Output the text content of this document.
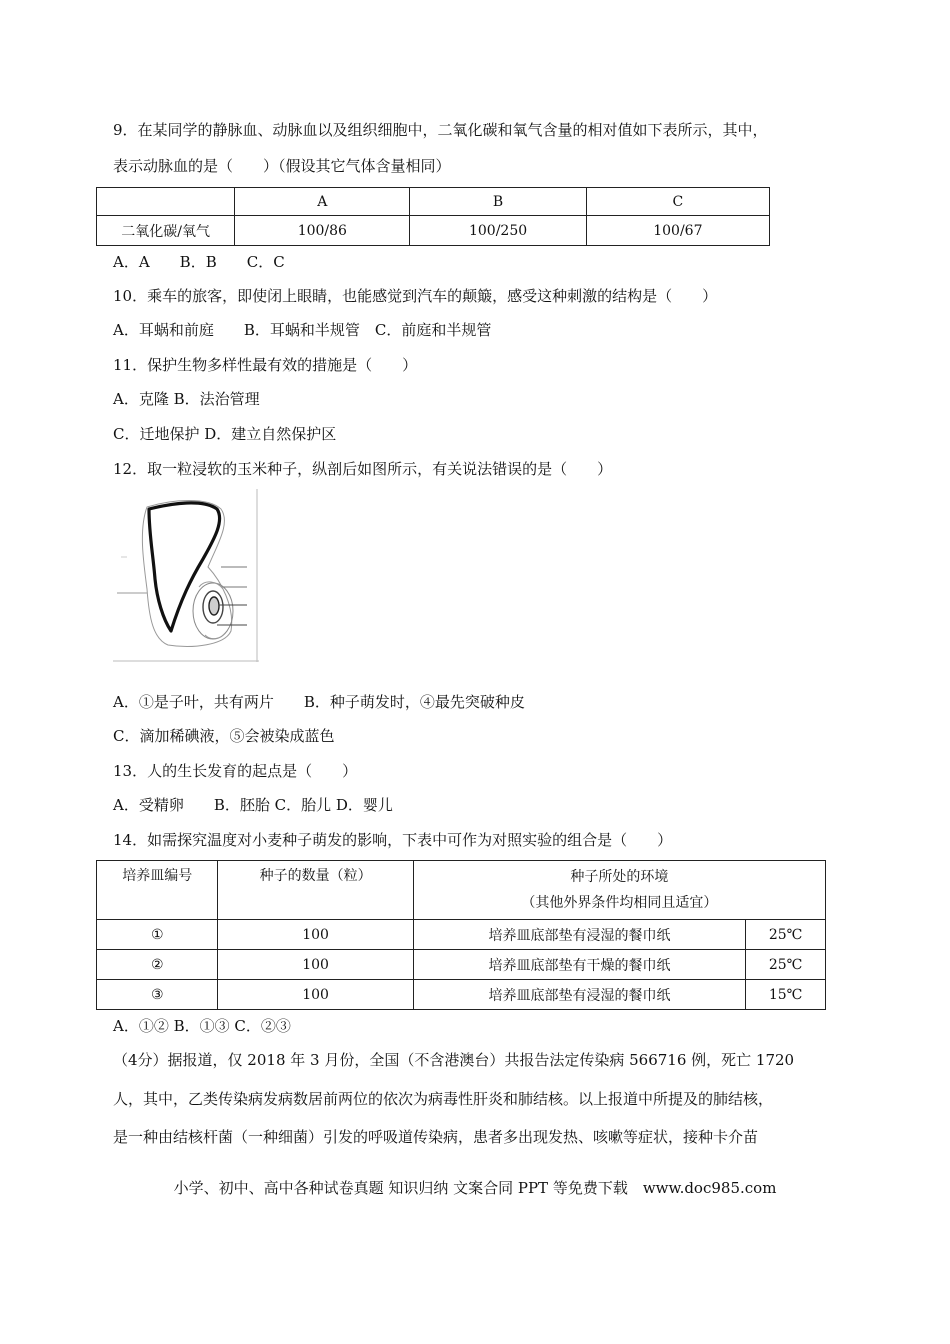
9．在某同学的静脉血、动脉血以及组织细胞中，二氧化碳和氧气含量的相对值如下表所示，其中，
表示动脉血的是（　　）（假设其它气体含量相同）
	A	B	C
二氧化碳/氧气	100/86	100/250	100/67
A．A　　B．B　　C．C
10．乘车的旅客，即使闭上眼睛，也能感觉到汽车的颠簸，感受这种刺激的结构是（　　）
A．耳蜗和前庭　　B．耳蜗和半规管　C．前庭和半规管
11．保护生物多样性最有效的措施是（　　）
A．克隆 B．法治管理
C．迁地保护 D．建立自然保护区
12．取一粒浸软的玉米种子，纵剖后如图所示，有关说法错误的是（　　）
A．①是子叶，共有两片　　B．种子萌发时，④最先突破种皮
C．滴加稀碘液，⑤会被染成蓝色
13．人的生长发育的起点是（　　）
A．受精卵　　B．胚胎 C．胎儿 D．婴儿
14．如需探究温度对小麦种子萌发的影响，下表中可作为对照实验的组合是（　　）
培养皿编号	种子的数量（粒）	种子所处的环境
（其他外界条件均相同且适宜）	

①	100	培养皿底部垫有浸湿的餐巾纸	25℃
②	100	培养皿底部垫有干燥的餐巾纸	25℃
③	100	培养皿底部垫有浸湿的餐巾纸	15℃
A．①② B．①③ C．②③
（4分）据报道，仅 2018 年 3 月份，全国（不含港澳台）共报告法定传染病 566716 例，死亡 1720
人，其中，乙类传染病发病数居前两位的依次为病毒性肝炎和肺结核。以上报道中所提及的肺结核，
是一种由结核杆菌（一种细菌）引发的呼吸道传染病，患者多出现发热、咳嗽等症状，接种卡介苗
小学、初中、高中各种试卷真题 知识归纳 文案合同 PPT 等免费下载　www.doc985.com
